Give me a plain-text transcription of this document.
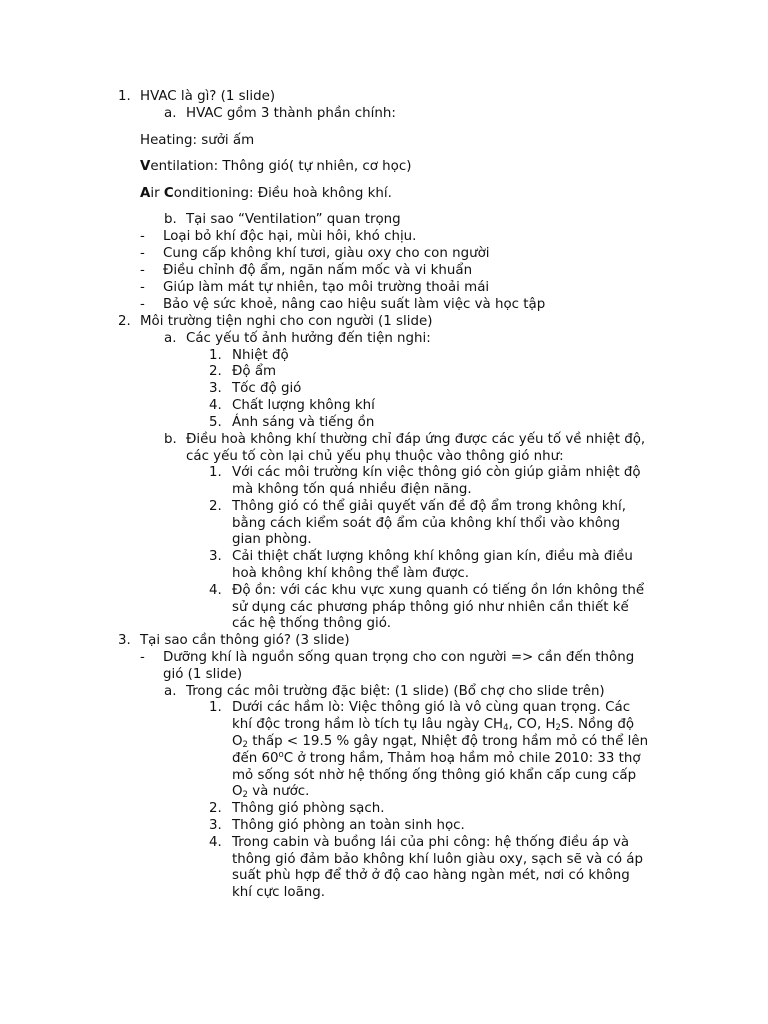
1. HVAC là gì? (1 slide)
a. HVAC gồm 3 thành phần chính:
Heating: sưởi ấm
Ventilation: Thông gió( tự nhiên, cơ học)
Air Conditioning: Điều hoà không khí.
b. Tại sao “Ventilation” quan trọng
- Loại bỏ khí độc hại, mùi hôi, khó chịu.
- Cung cấp không khí tươi, giàu oxy cho con người
- Điều chỉnh độ ẩm, ngăn nấm mốc và vi khuẩn
- Giúp làm mát tự nhiên, tạo môi trường thoải mái
- Bảo vệ sức khoẻ, nâng cao hiệu suất làm việc và học tập
2. Môi trường tiện nghi cho con người (1 slide)
a. Các yếu tố ảnh hưởng đến tiện nghi:
1. Nhiệt độ
2. Độ ẩm
3. Tốc độ gió
4. Chất lượng không khí
5. Ánh sáng và tiếng ồn
b. Điều hoà không khí thường chỉ đáp ứng được các yếu tố về nhiệt độ,
các yếu tố còn lại chủ yếu phụ thuộc vào thông gió như:
1. Với các môi trường kín việc thông gió còn giúp giảm nhiệt độ
mà không tốn quá nhiều điện năng.
2. Thông gió có thể giải quyết vấn đề độ ẩm trong không khí,
bằng cách kiểm soát độ ẩm của không khí thổi vào không
gian phòng.
3. Cải thiệt chất lượng không khí không gian kín, điều mà điều
hoà không khí không thể làm được.
4. Độ ồn: với các khu vực xung quanh có tiếng ồn lớn không thể
sử dụng các phương pháp thông gió như nhiên cần thiết kế
các hệ thống thông gió.
3. Tại sao cần thông gió? (3 slide)
- Dưỡng khí là nguồn sống quan trọng cho con người => cần đến thông
gió (1 slide)
a. Trong các môi trường đặc biệt: (1 slide) (Bổ chợ cho slide trên)
1. Dưới các hầm lò: Việc thông gió là vô cùng quan trọng. Các
khí độc trong hầm lò tích tụ lâu ngày $CH_4$, CO, $H_2S$. Nồng độ
$O_2$ thấp < 19.5 % gây ngạt, Nhiệt độ trong hầm mỏ có thể lên
đến 60$^o$C ở trong hầm, Thảm hoạ hầm mỏ chile 2010: 33 thợ
mỏ sống sót nhờ hệ thống ống thông gió khẩn cấp cung cấp
$O_2$ và nước.
2. Thông gió phòng sạch.
3. Thông gió phòng an toàn sinh học.
4. Trong cabin và buồng lái của phi công: hệ thống điều áp và
thông gió đảm bảo không khí luôn giàu oxy, sạch sẽ và có áp
suất phù hợp để thở ở độ cao hàng ngàn mét, nơi có không
khí cực loãng.
